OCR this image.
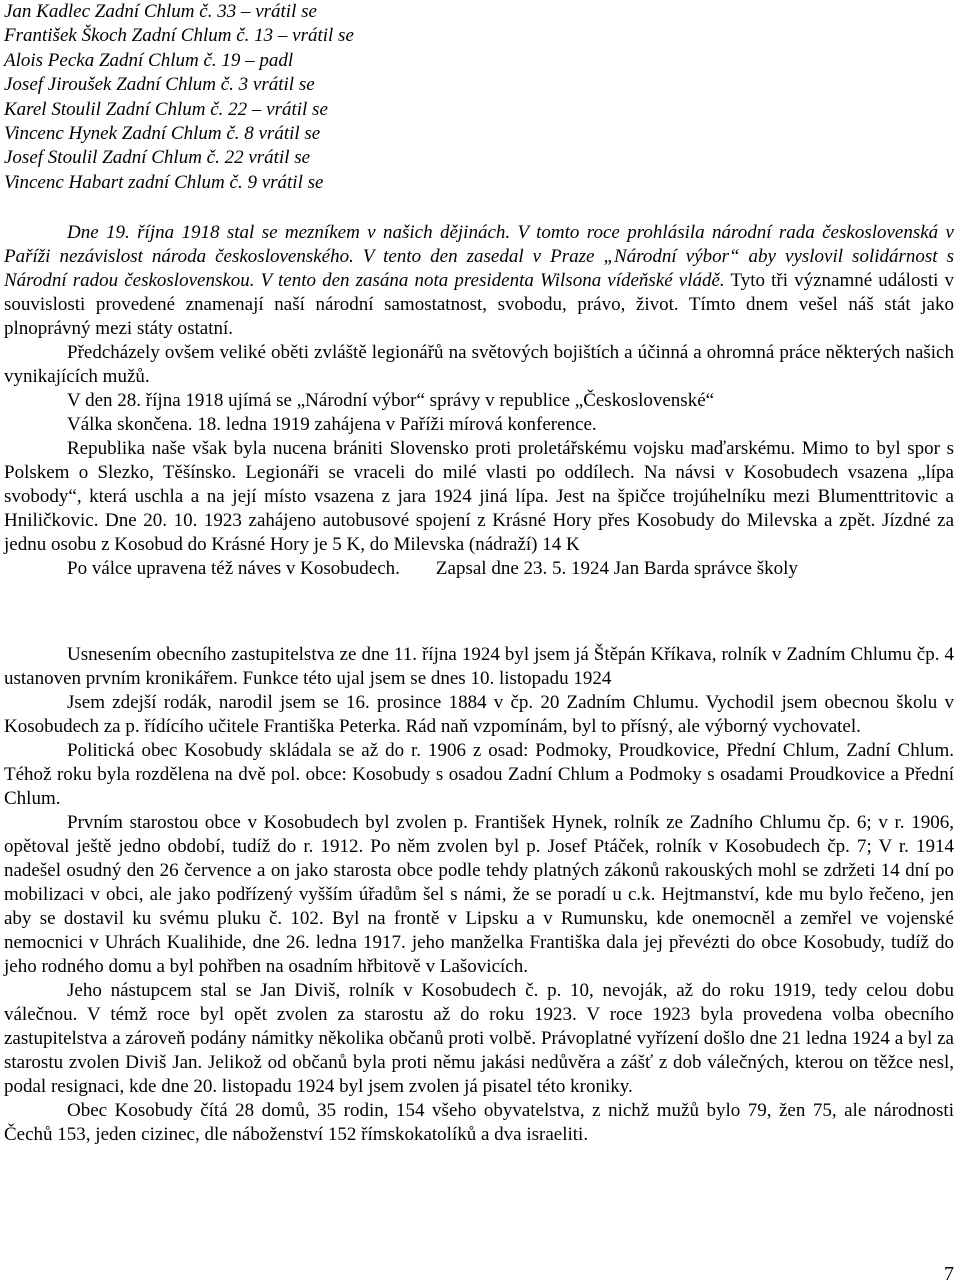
Jan Kadlec Zadní Chlum č. 33 – vrátil se
František Škoch Zadní Chlum č. 13 – vrátil se
Alois Pecka Zadní Chlum č. 19 – padl
Josef Jiroušek Zadní Chlum č. 3 vrátil se
Karel Stoulil Zadní Chlum č. 22 – vrátil se
Vincenc Hynek Zadní Chlum č. 8 vrátil se
Josef Stoulil Zadní Chlum č. 22 vrátil se
Vincenc Habart zadní Chlum č. 9 vrátil se

Dne 19. října 1918 stal se mezníkem v našich dějinách. V tomto roce prohlásila národní rada československá v Paříži nezávislost národa československého. V tento den zasedal v Praze „Národní výbor“ aby vyslovil solidárnost s Národní radou československou. V tento den zasána nota presidenta Wilsona vídeňské vládě. Tyto tři významné události v souvislosti provedené znamenají naší národní samostatnost, svobodu, právo, život. Tímto dnem vešel náš stát jako plnoprávný mezi státy ostatní.

Předcházely ovšem veliké oběti zvláště legionářů na světových bojištích a účinná a ohromná práce některých našich vynikajících mužů.

V den 28. října 1918 ujímá se „Národní výbor“ správy v republice „Československé“

Válka skončena. 18. ledna 1919 zahájena v Paříži mírová konference.

Republika naše však byla nucena brániti Slovensko proti proletářskému vojsku maďarskému. Mimo to byl spor s Polskem o Slezko, Těšínsko. Legionáři se vraceli do milé vlasti po oddílech. Na návsi v Kosobudech vsazena „lípa svobody“, která uschla a na její místo vsazena z jara 1924 jiná lípa. Jest na špičce trojúhelníku mezi Blumenttritovic a Hniličkovic. Dne 20. 10. 1923 zahájeno autobusové spojení z Krásné Hory přes Kosobudy do Milevska a zpět. Jízdné za jednu osobu z Kosobud do Krásné Hory je 5 K, do Milevska (nádraží) 14 K

Po válce upravena též náves v Kosobudech. Zapsal dne 23. 5. 1924 Jan Barda správce školy

Usnesením obecního zastupitelstva ze dne 11. října 1924 byl jsem já Štěpán Kříkava, rolník v Zadním Chlumu čp. 4 ustanoven prvním kronikářem. Funkce této ujal jsem se dnes 10. listopadu 1924

Jsem zdejší rodák, narodil jsem se 16. prosince 1884 v čp. 20 Zadním Chlumu. Vychodil jsem obecnou školu v Kosobudech za p. řídícího učitele Františka Peterka. Rád naň vzpomínám, byl to přísný, ale výborný vychovatel.

Politická obec Kosobudy skládala se až do r. 1906 z osad: Podmoky, Proudkovice, Přední Chlum, Zadní Chlum. Téhož roku byla rozdělena na dvě pol. obce: Kosobudy s osadou Zadní Chlum a Podmoky s osadami Proudkovice a Přední Chlum.

Prvním starostou obce v Kosobudech byl zvolen p. František Hynek, rolník ze Zadního Chlumu čp. 6; v r. 1906, opětoval ještě jedno období, tudíž do r. 1912. Po něm zvolen byl p. Josef Ptáček, rolník v Kosobudech čp. 7; V r. 1914 nadešel osudný den 26 července a on jako starosta obce podle tehdy platných zákonů rakouských mohl se zdržeti 14 dní po mobilizaci v obci, ale jako podřízený vyšším úřadům šel s námi, že se poradí u c.k. Hejtmanství, kde mu bylo řečeno, jen aby se dostavil ku svému pluku č. 102. Byl na frontě v Lipsku a v Rumunsku, kde onemocněl a zemřel ve vojenské nemocnici v Uhrách Kualihide, dne 26. ledna 1917. jeho manželka Františka dala jej převézti do obce Kosobudy, tudíž do jeho rodného domu a byl pohřben na osadním hřbitově v Lašovicích.

Jeho nástupcem stal se Jan Diviš, rolník v Kosobudech č. p. 10, nevoják, až do roku 1919, tedy celou dobu válečnou. V témž roce byl opět zvolen za starostu až do roku 1923. V roce 1923 byla provedena volba obecního zastupitelstva a zároveň podány námitky několika občanů proti volbě. Právoplatné vyřízení došlo dne 21 ledna 1924 a byl za starostu zvolen Diviš Jan. Jelikož od občanů byla proti němu jakási nedůvěra a zášť z dob válečných, kterou on těžce nesl, podal resignaci, kde dne 20. listopadu 1924 byl jsem zvolen já pisatel této kroniky.

Obec Kosobudy čítá 28 domů, 35 rodin, 154 všeho obyvatelstva, z nichž mužů bylo 79, žen 75, ale národnosti Čechů 153, jeden cizinec, dle náboženství 152 římskokatolíků a dva israeliti.

7
